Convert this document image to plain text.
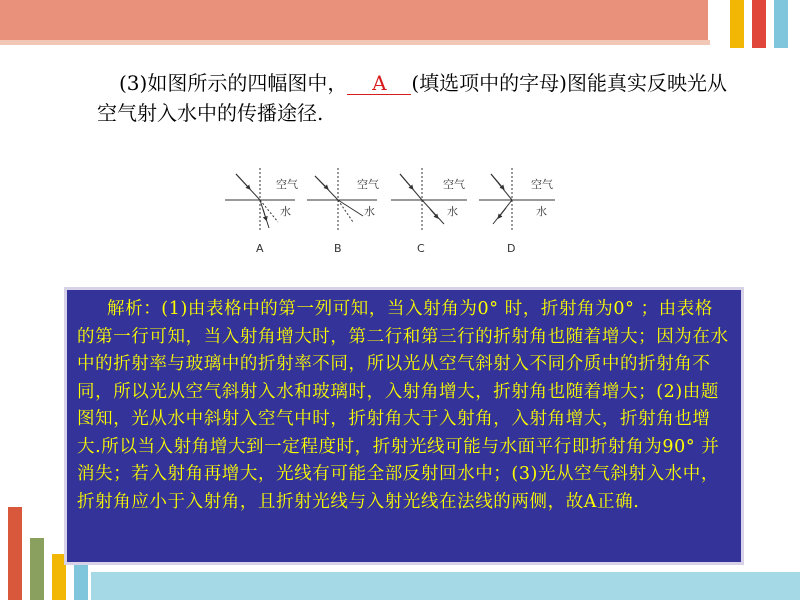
(3)如图所示的四幅图中， A (填选项中的字母)图能真实反映光从空气射入水中的传播途径.
空气
水
A
空气
水
B
空气
水
C
空气
水
D
解析：(1)由表格中的第一列可知，当入射角为0° 时，折射角为0° ；由表格的第一行可知，当入射角增大时，第二行和第三行的折射角也随着增大；因为在水中的折射率与玻璃中的折射率不同，所以光从空气斜射入不同介质中的折射角不同，所以光从空气斜射入水和玻璃时，入射角增大，折射角也随着增大；(2)由题图知，光从水中斜射入空气中时，折射角大于入射角，入射角增大，折射角也增大.所以当入射角增大到一定程度时，折射光线可能与水面平行即折射角为90° 并消失；若入射角再增大，光线有可能全部反射回水中；(3)光从空气斜射入水中，折射角应小于入射角，且折射光线与入射光线在法线的两侧，故A正确.
